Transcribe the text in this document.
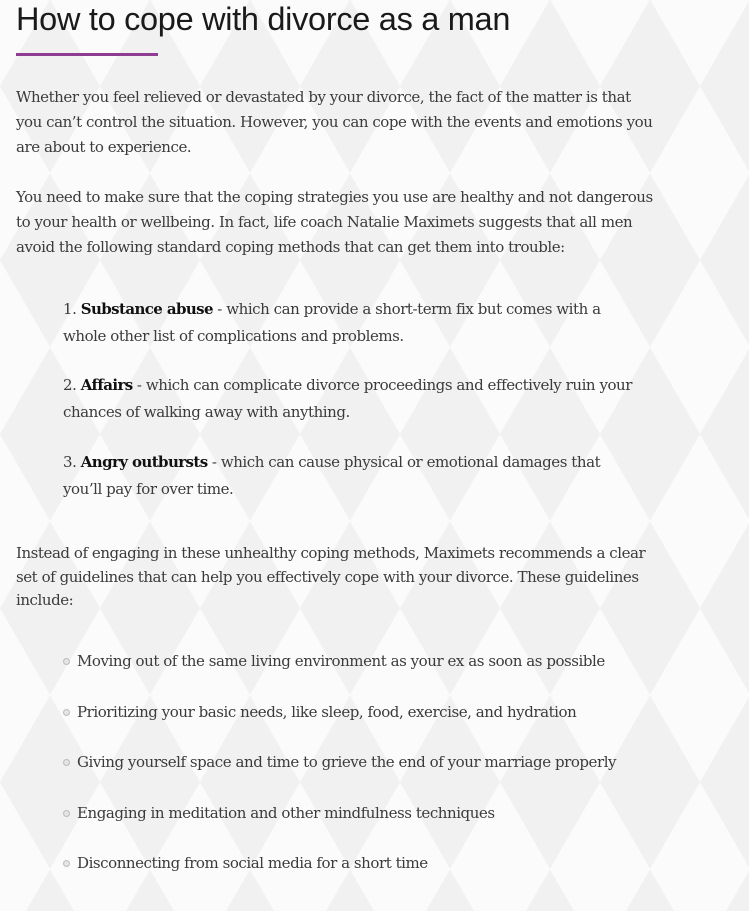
How to cope with divorce as a man

Whether you feel relieved or devastated by your divorce, the fact of the matter is that you can’t control the situation. However, you can cope with the events and emotions you are about to experience.

You need to make sure that the coping strategies you use are healthy and not dangerous to your health or wellbeing. In fact, life coach Natalie Maximets suggests that all men avoid the following standard coping methods that can get them into trouble:

1. Substance abuse - which can provide a short-term fix but comes with a whole other list of complications and problems.
2. Affairs - which can complicate divorce proceedings and effectively ruin your chances of walking away with anything.
3. Angry outbursts - which can cause physical or emotional damages that you’ll pay for over time.

Instead of engaging in these unhealthy coping methods, Maximets recommends a clear set of guidelines that can help you effectively cope with your divorce. These guidelines include:

Moving out of the same living environment as your ex as soon as possible
Prioritizing your basic needs, like sleep, food, exercise, and hydration
Giving yourself space and time to grieve the end of your marriage properly
Engaging in meditation and other mindfulness techniques
Disconnecting from social media for a short time
